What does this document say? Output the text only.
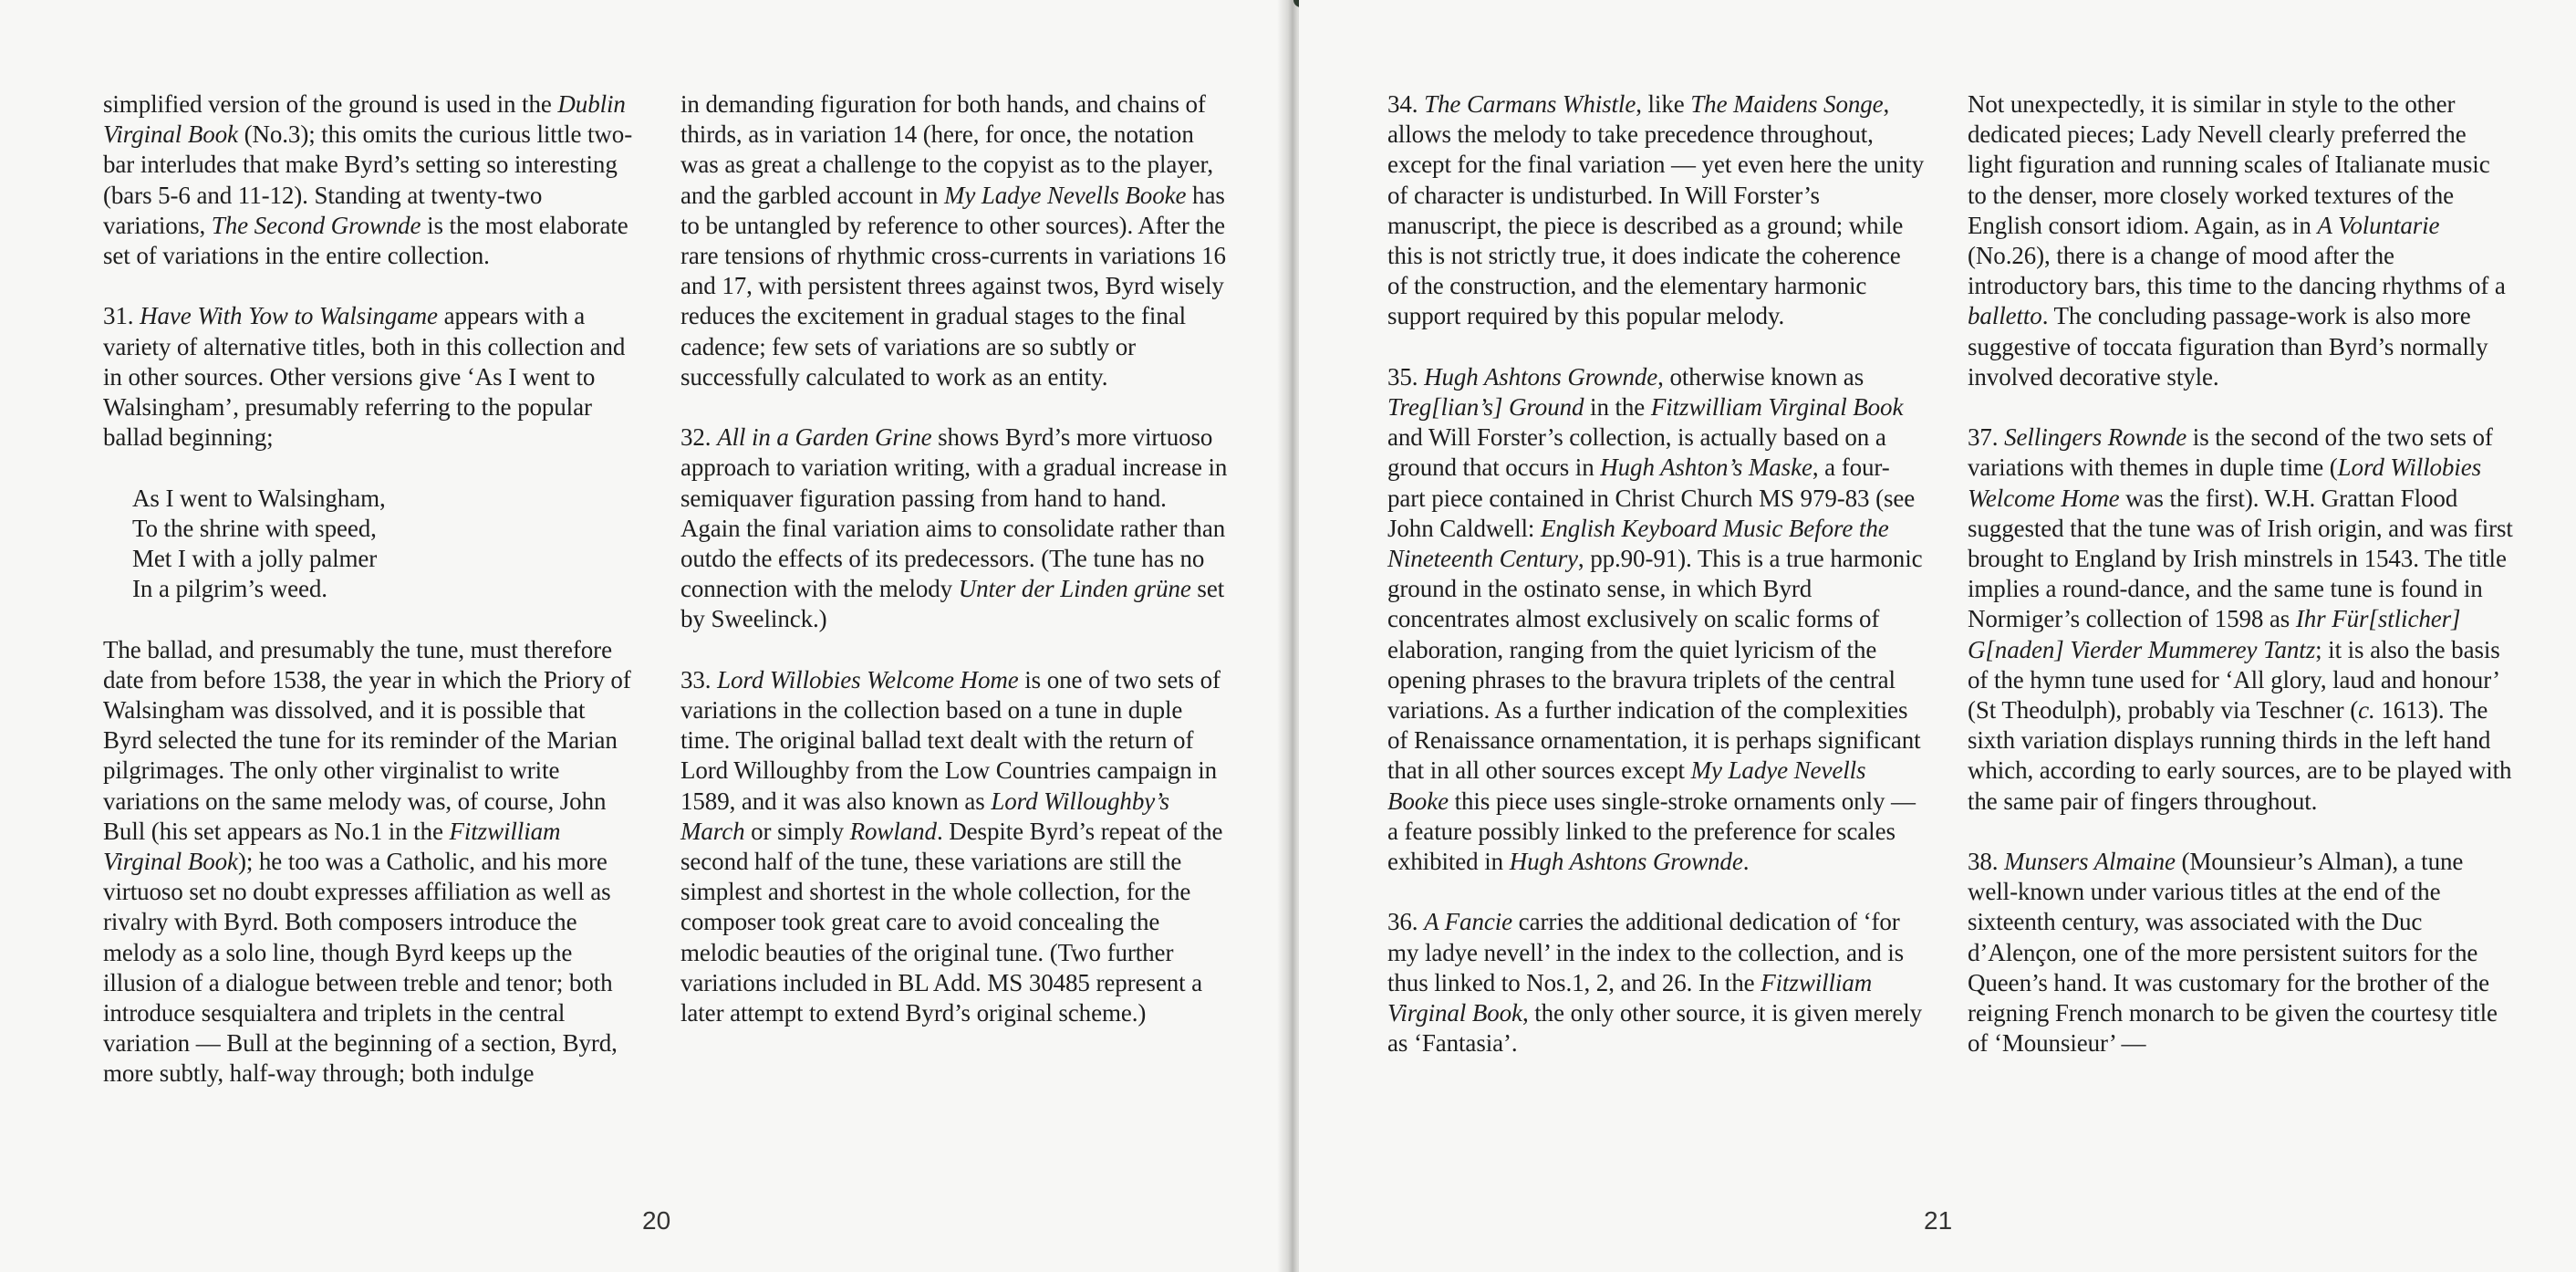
simplified version of the ground is used in the Dublin Virginal Book (No.3); this omits the curious little two-bar interludes that make Byrd’s setting so interesting (bars 5-6 and 11-12). Standing at twenty-two variations, The Second Grownde is the most elaborate set of variations in the entire collection.

31. Have With Yow to Walsingame appears with a variety of alternative titles, both in this collection and in other sources. Other versions give ‘As I went to Walsingham’, presumably referring to the popular ballad beginning;

As I went to Walsingham,
To the shrine with speed,
Met I with a jolly palmer
In a pilgrim’s weed.

The ballad, and presumably the tune, must therefore date from before 1538, the year in which the Priory of Walsingham was dissolved, and it is possible that Byrd selected the tune for its reminder of the Marian pilgrimages. The only other virginalist to write variations on the same melody was, of course, John Bull (his set appears as No.1 in the Fitzwilliam Virginal Book); he too was a Catholic, and his more virtuoso set no doubt expresses affiliation as well as rivalry with Byrd. Both composers introduce the melody as a solo line, though Byrd keeps up the illusion of a dialogue between treble and tenor; both introduce sesquialtera and triplets in the central variation — Bull at the beginning of a section, Byrd, more subtly, half-way through; both indulge

in demanding figuration for both hands, and chains of thirds, as in variation 14 (here, for once, the notation was as great a challenge to the copyist as to the player, and the garbled account in My Ladye Nevells Booke has to be untangled by reference to other sources). After the rare tensions of rhythmic cross-currents in variations 16 and 17, with persistent threes against twos, Byrd wisely reduces the excitement in gradual stages to the final cadence; few sets of variations are so subtly or successfully calculated to work as an entity.

32. All in a Garden Grine shows Byrd’s more virtuoso approach to variation writing, with a gradual increase in semiquaver figuration passing from hand to hand. Again the final variation aims to consolidate rather than outdo the effects of its predecessors. (The tune has no connection with the melody Unter der Linden grüne set by Sweelinck.)

33. Lord Willobies Welcome Home is one of two sets of variations in the collection based on a tune in duple time. The original ballad text dealt with the return of Lord Willoughby from the Low Countries campaign in 1589, and it was also known as Lord Willoughby’s March or simply Rowland. Despite Byrd’s repeat of the second half of the tune, these variations are still the simplest and shortest in the whole collection, for the composer took great care to avoid concealing the melodic beauties of the original tune. (Two further variations included in BL Add. MS 30485 represent a later attempt to extend Byrd’s original scheme.)

20

34. The Carmans Whistle, like The Maidens Songe, allows the melody to take precedence throughout, except for the final variation — yet even here the unity of character is undisturbed. In Will Forster’s manuscript, the piece is described as a ground; while this is not strictly true, it does indicate the coherence of the construction, and the elementary harmonic support required by this popular melody.

35. Hugh Ashtons Grownde, otherwise known as Treg[lian’s] Ground in the Fitzwilliam Virginal Book and Will Forster’s collection, is actually based on a ground that occurs in Hugh Ashton’s Maske, a four-part piece contained in Christ Church MS 979-83 (see John Caldwell: English Keyboard Music Before the Nineteenth Century, pp.90-91). This is a true harmonic ground in the ostinato sense, in which Byrd concentrates almost exclusively on scalic forms of elaboration, ranging from the quiet lyricism of the opening phrases to the bravura triplets of the central variations. As a further indication of the complexities of Renaissance ornamentation, it is perhaps significant that in all other sources except My Ladye Nevells Booke this piece uses single-stroke ornaments only — a feature possibly linked to the preference for scales exhibited in Hugh Ashtons Grownde.

36. A Fancie carries the additional dedication of ‘for my ladye nevell’ in the index to the collection, and is thus linked to Nos.1, 2, and 26. In the Fitzwilliam Virginal Book, the only other source, it is given merely as ‘Fantasia’.

Not unexpectedly, it is similar in style to the other dedicated pieces; Lady Nevell clearly preferred the light figuration and running scales of Italianate music to the denser, more closely worked textures of the English consort idiom. Again, as in A Voluntarie (No.26), there is a change of mood after the introductory bars, this time to the dancing rhythms of a balletto. The concluding passage-work is also more suggestive of toccata figuration than Byrd’s normally involved decorative style.

37. Sellingers Rownde is the second of the two sets of variations with themes in duple time (Lord Willobies Welcome Home was the first). W.H. Grattan Flood suggested that the tune was of Irish origin, and was first brought to England by Irish minstrels in 1543. The title implies a round-dance, and the same tune is found in Normiger’s collection of 1598 as Ihr Für[stlicher] G[naden] Vierder Mummerey Tantz; it is also the basis of the hymn tune used for ‘All glory, laud and honour’ (St Theodulph), probably via Teschner (c. 1613). The sixth variation displays running thirds in the left hand which, according to early sources, are to be played with the same pair of fingers throughout.

38. Munsers Almaine (Mounsieur’s Alman), a tune well-known under various titles at the end of the sixteenth century, was associated with the Duc d’Alençon, one of the more persistent suitors for the Queen’s hand. It was customary for the brother of the reigning French monarch to be given the courtesy title of ‘Mounsieur’ —

21
